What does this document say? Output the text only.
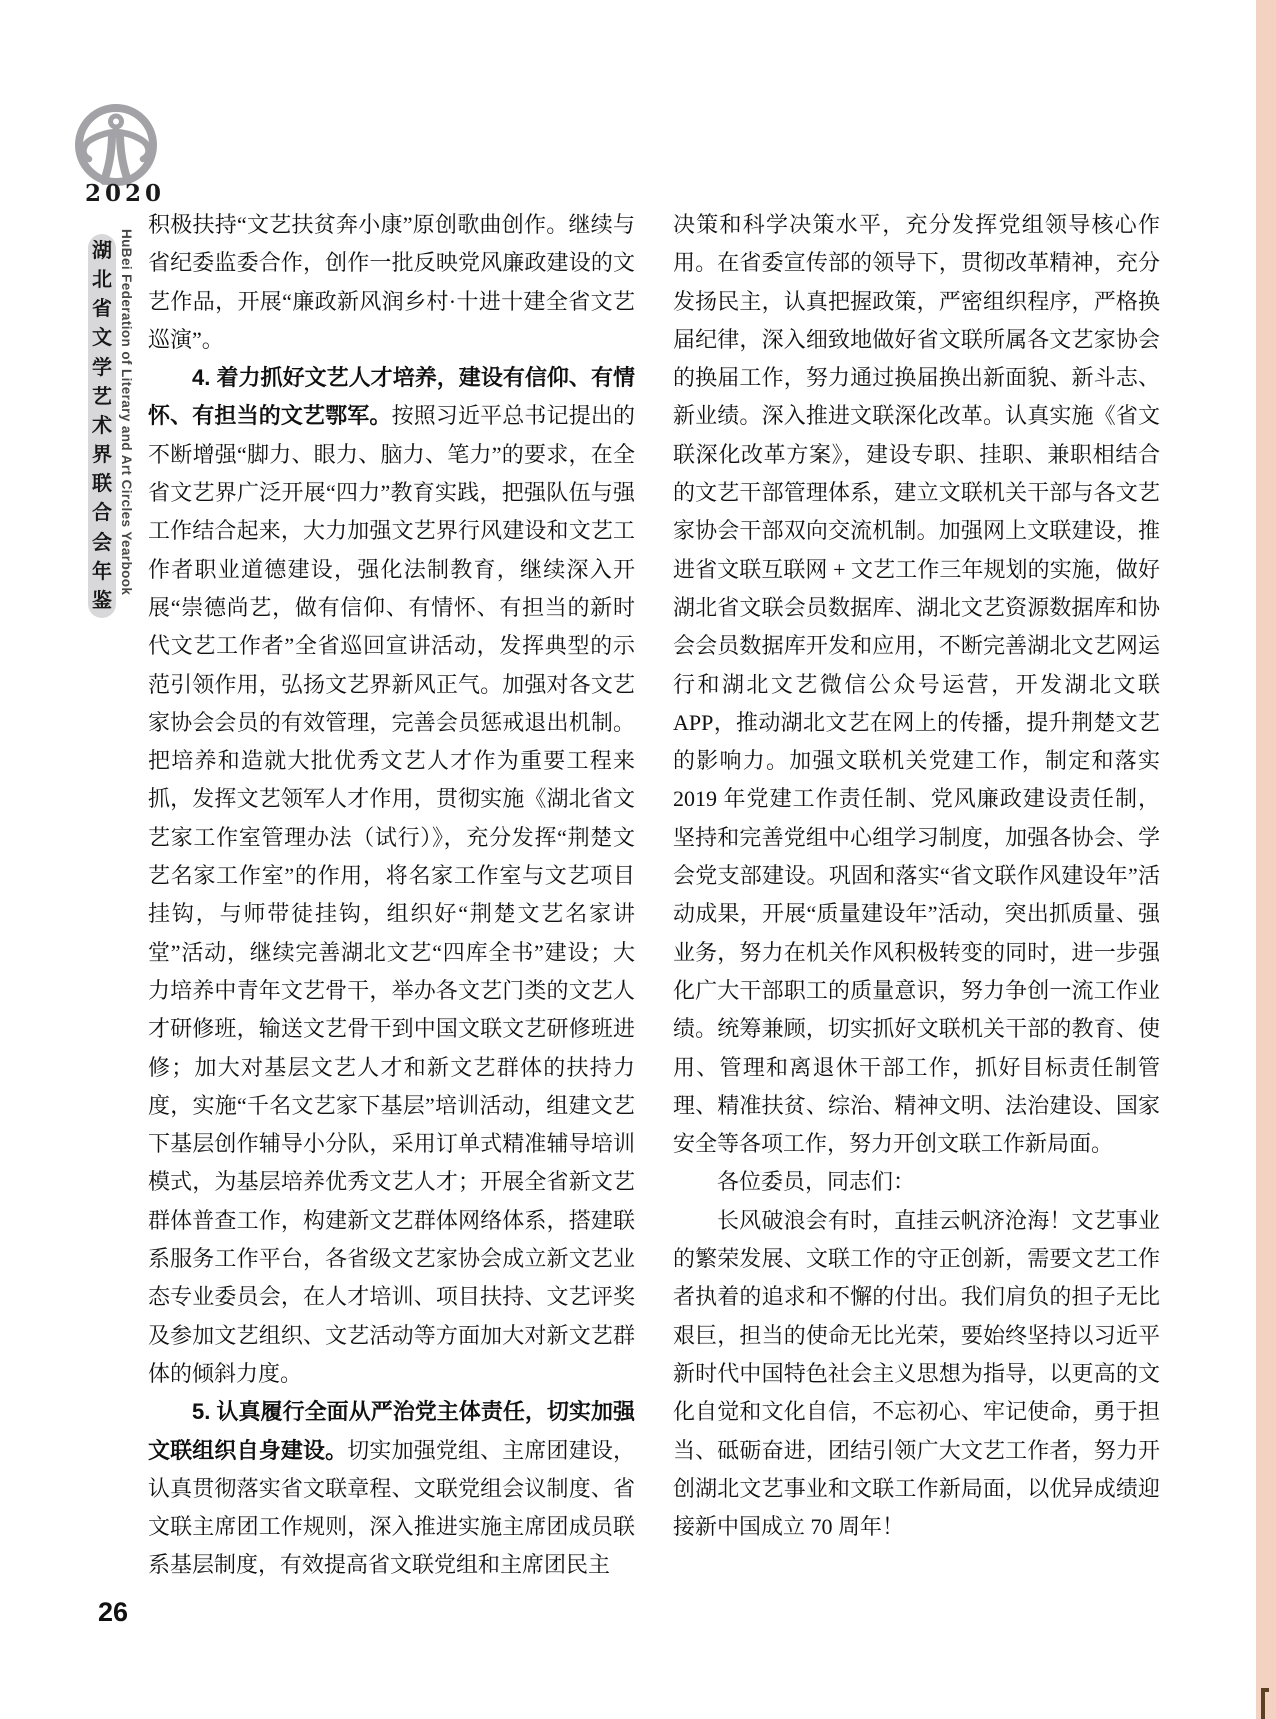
2020
湖
北
省
文
学
艺
术
界
联
合
会
年
鉴
HuBei Federation of Literary and Art Circles Yearbook

积极扶持“文艺扶贫奔小康”原创歌曲创作。继续与省纪委监委合作，创作一批反映党风廉政建设的文艺作品，开展“廉政新风润乡村·十进十建全省文艺巡演”。

4. 着力抓好文艺人才培养，建设有信仰、有情怀、有担当的文艺鄂军。按照习近平总书记提出的不断增强“脚力、眼力、脑力、笔力”的要求，在全省文艺界广泛开展“四力”教育实践，把强队伍与强工作结合起来，大力加强文艺界行风建设和文艺工作者职业道德建设，强化法制教育，继续深入开展“崇德尚艺，做有信仰、有情怀、有担当的新时代文艺工作者”全省巡回宣讲活动，发挥典型的示范引领作用，弘扬文艺界新风正气。加强对各文艺家协会会员的有效管理，完善会员惩戒退出机制。把培养和造就大批优秀文艺人才作为重要工程来抓，发挥文艺领军人才作用，贯彻实施《湖北省文艺家工作室管理办法（试行）》，充分发挥“荆楚文艺名家工作室”的作用，将名家工作室与文艺项目挂钩，与师带徒挂钩，组织好“荆楚文艺名家讲堂”活动，继续完善湖北文艺“四库全书”建设；大力培养中青年文艺骨干，举办各文艺门类的文艺人才研修班，输送文艺骨干到中国文联文艺研修班进修；加大对基层文艺人才和新文艺群体的扶持力度，实施“千名文艺家下基层”培训活动，组建文艺下基层创作辅导小分队，采用订单式精准辅导培训模式，为基层培养优秀文艺人才；开展全省新文艺群体普查工作，构建新文艺群体网络体系，搭建联系服务工作平台，各省级文艺家协会成立新文艺业态专业委员会，在人才培训、项目扶持、文艺评奖及参加文艺组织、文艺活动等方面加大对新文艺群体的倾斜力度。

5. 认真履行全面从严治党主体责任，切实加强文联组织自身建设。切实加强党组、主席团建设，认真贯彻落实省文联章程、文联党组会议制度、省文联主席团工作规则，深入推进实施主席团成员联系基层制度，有效提高省文联党组和主席团民主

决策和科学决策水平，充分发挥党组领导核心作用。在省委宣传部的领导下，贯彻改革精神，充分发扬民主，认真把握政策，严密组织程序，严格换届纪律，深入细致地做好省文联所属各文艺家协会的换届工作，努力通过换届换出新面貌、新斗志、新业绩。深入推进文联深化改革。认真实施《省文联深化改革方案》，建设专职、挂职、兼职相结合的文艺干部管理体系，建立文联机关干部与各文艺家协会干部双向交流机制。加强网上文联建设，推进省文联互联网 + 文艺工作三年规划的实施，做好湖北省文联会员数据库、湖北文艺资源数据库和协会会员数据库开发和应用，不断完善湖北文艺网运行和湖北文艺微信公众号运营，开发湖北文联 APP，推动湖北文艺在网上的传播，提升荆楚文艺的影响力。加强文联机关党建工作，制定和落实 2019 年党建工作责任制、党风廉政建设责任制，坚持和完善党组中心组学习制度，加强各协会、学会党支部建设。巩固和落实“省文联作风建设年”活动成果，开展“质量建设年”活动，突出抓质量、强业务，努力在机关作风积极转变的同时，进一步强化广大干部职工的质量意识，努力争创一流工作业绩。统筹兼顾，切实抓好文联机关干部的教育、使用、管理和离退休干部工作，抓好目标责任制管理、精准扶贫、综治、精神文明、法治建设、国家安全等各项工作，努力开创文联工作新局面。

各位委员，同志们：

长风破浪会有时，直挂云帆济沧海！文艺事业的繁荣发展、文联工作的守正创新，需要文艺工作者执着的追求和不懈的付出。我们肩负的担子无比艰巨，担当的使命无比光荣，要始终坚持以习近平新时代中国特色社会主义思想为指导，以更高的文化自觉和文化自信，不忘初心、牢记使命，勇于担当、砥砺奋进，团结引领广大文艺工作者，努力开创湖北文艺事业和文联工作新局面，以优异成绩迎接新中国成立 70 周年！

26
